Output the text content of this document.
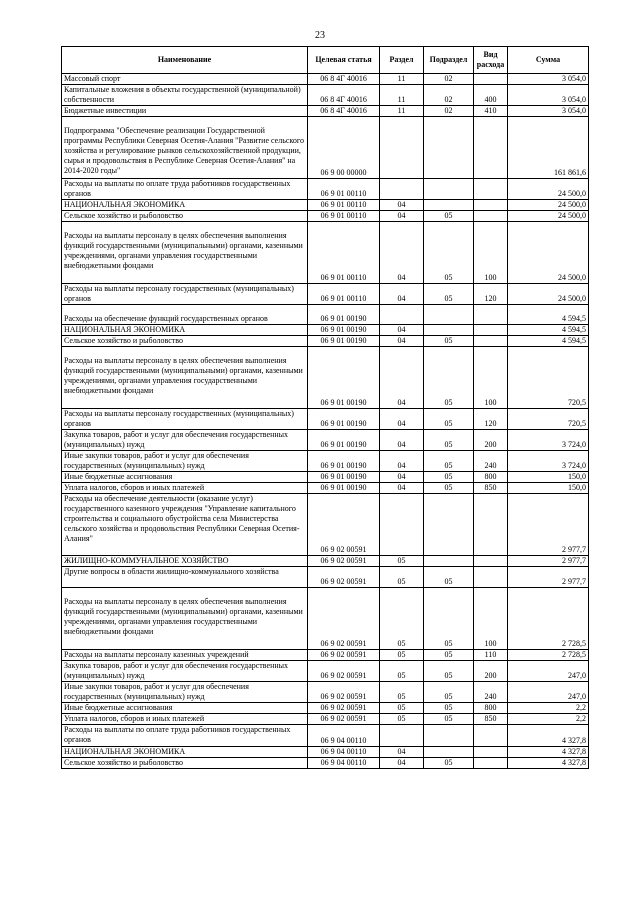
23
Наименование	Целевая статья	Раздел	Подраздел	Вид расхода	Сумма
Массовый спорт	06 8 4Г 40016	11	02		3 054,0
Капитальные вложения в объекты государственной (муниципальной) собственности	06 8 4Г 40016	11	02	400	3 054,0
Бюджетные инвестиции	06 8 4Г 40016	11	02	410	3 054,0
Подпрограмма "Обеспечение реализации Государственной программы Республики Северная Осетия-Алания "Развитие сельского хозяйства и регулирование рынков сельскохозяйственной продукции, сырья и продовольствия в Республике Северная Осетия-Алания" на 2014-2020 годы"	06 9 00 00000				161 861,6
Расходы на выплаты по оплате труда работников государственных органов	06 9 01 00110				24 500,0
НАЦИОНАЛЬНАЯ ЭКОНОМИКА	06 9 01 00110	04			24 500,0
Сельское хозяйство и рыболовство	06 9 01 00110	04	05		24 500,0
Расходы на выплаты персоналу в целях обеспечения выполнения функций государственными (муниципальными) органами, казенными учреждениями, органами управления государственными внебюджетными фондами	06 9 01 00110	04	05	100	24 500,0
Расходы на выплаты персоналу государственных (муниципальных) органов	06 9 01 00110	04	05	120	24 500,0
Расходы на обеспечение функций государственных органов	06 9 01 00190				4 594,5
НАЦИОНАЛЬНАЯ ЭКОНОМИКА	06 9 01 00190	04			4 594,5
Сельское хозяйство и рыболовство	06 9 01 00190	04	05		4 594,5
Расходы на выплаты персоналу в целях обеспечения выполнения функций государственными (муниципальными) органами, казенными учреждениями, органами управления государственными внебюджетными фондами	06 9 01 00190	04	05	100	720,5
Расходы на выплаты персоналу государственных (муниципальных) органов	06 9 01 00190	04	05	120	720,5
Закупка товаров, работ и услуг для обеспечения государственных (муниципальных) нужд	06 9 01 00190	04	05	200	3 724,0
Иные закупки товаров, работ и услуг для обеспечения государственных (муниципальных) нужд	06 9 01 00190	04	05	240	3 724,0
Иные бюджетные ассигнования	06 9 01 00190	04	05	800	150,0
Уплата налогов, сборов и иных платежей	06 9 01 00190	04	05	850	150,0
Расходы на обеспечение деятельности (оказание услуг) государственного казенного учреждения "Управление капитального строительства и социального обустройства села Министерства сельского хозяйства и продовольствия Республики Северная Осетия-Алания"	06 9 02 00591				2 977,7
ЖИЛИЩНО-КОММУНАЛЬНОЕ ХОЗЯЙСТВО	06 9 02 00591	05			2 977,7
Другие вопросы в области жилищно-коммунального хозяйства	06 9 02 00591	05	05		2 977,7
Расходы на выплаты персоналу в целях обеспечения выполнения функций государственными (муниципальными) органами, казенными учреждениями, органами управления государственными внебюджетными фондами	06 9 02 00591	05	05	100	2 728,5
Расходы на выплаты персоналу казенных учреждений	06 9 02 00591	05	05	110	2 728,5
Закупка товаров, работ и услуг для обеспечения государственных (муниципальных) нужд	06 9 02 00591	05	05	200	247,0
Иные закупки товаров, работ и услуг для обеспечения государственных (муниципальных) нужд	06 9 02 00591	05	05	240	247,0
Иные бюджетные ассигнования	06 9 02 00591	05	05	800	2,2
Уплата налогов, сборов и иных платежей	06 9 02 00591	05	05	850	2,2
Расходы на выплаты по оплате труда работников государственных органов	06 9 04 00110				4 327,8
НАЦИОНАЛЬНАЯ ЭКОНОМИКА	06 9 04 00110	04			4 327,8
Сельское хозяйство и рыболовство	06 9 04 00110	04	05		4 327,8
